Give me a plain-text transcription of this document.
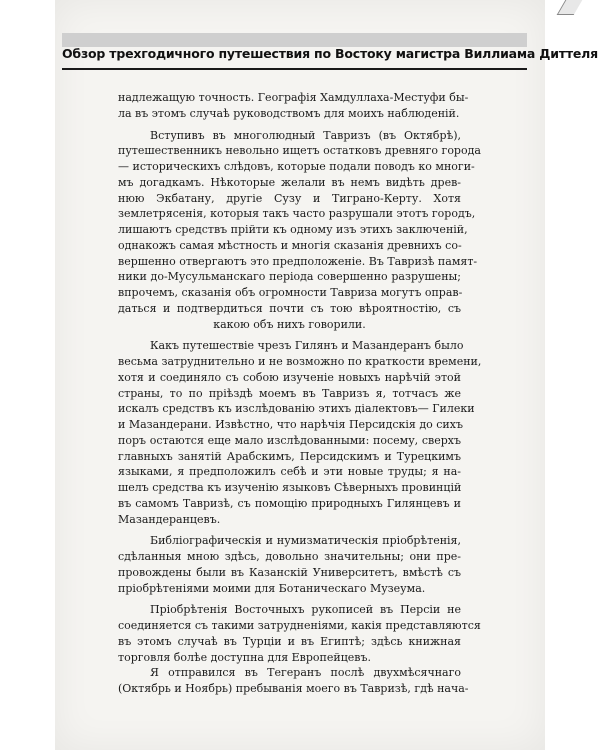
Обзор трехгодичного путешествия по Востоку магистра Виллиама Диттеля
надлежащую точность. Географія Хамдуллаха-Местуфи бы-
ла въ этомъ случаѣ руководствомъ для моихъ наблюденій.
Вступивъ въ многолюдный Тавризъ (въ Октябрѣ),
путешественникъ невольно ищетъ остатковъ древняго города
— историческихъ слѣдовъ, которые подали поводъ ко многи-
мъ догадкамъ. Нѣкоторые желали въ немъ видѣть древ-
нюю Экбатану, другіе Сузу и Тиграно-Керту. Хотя
землетрясенія, которыя такъ часто разрушали этотъ городъ,
лишаютъ средствъ прійти къ одному изъ этихъ заключеній,
однакожъ самая мѣстность и многія сказанія древнихъ со-
вершенно отвергаютъ это предположеніе. Въ Тавризѣ памят-
ники до-Мусульманскаго періода совершенно разрушены;
впрочемъ, сказанія объ огромности Тавриза могутъ оправ-
даться и подтвердиться почти съ тою вѣроятностію, съ
какою объ нихъ говорили.
Какъ путешествіе чрезъ Гилянъ и Мазандеранъ было
весьма затруднительно и не возможно по краткости времени,
хотя и соединяло съ собою изученіе новыхъ нарѣчій этой
страны, то по пріѣздѣ моемъ въ Тавризъ я, тотчасъ же
искалъ средствъ къ изслѣдованію этихъ діалектовъ— Гилеки
и Мазандерани. Извѣстно, что нарѣчія Персидскія до сихъ
поръ остаются еще мало изслѣдованными: посему, сверхъ
главныхъ занятій Арабскимъ, Персидскимъ и Турецкимъ
языками, я предположилъ себѣ и эти новые труды; я на-
шелъ средства къ изученію языковъ Сѣверныхъ провинцій
въ самомъ Тавризѣ, съ помощію природныхъ Гилянцевъ и
Мазандеранцевъ.
Библіографическія и нумизматическія пріобрѣтенія,
сдѣланныя мною здѣсь, довольно значительны; они пре-
провождены были въ Казанскій Университетъ, вмѣстѣ съ
пріобрѣтеніями моими для Ботаническаго Музеума.
Пріобрѣтенія Восточныхъ рукописей въ Персіи не
соединяется съ такими затрудненіями, какія представляются
въ этомъ случаѣ въ Турціи и въ Египтѣ; здѣсь книжная
торговля болѣе доступна для Европейцевъ.
Я отправился въ Тегеранъ послѣ двухмѣсячнаго
(Октябрь и Ноябрь) пребыванія моего въ Тавризѣ, гдѣ нача-
